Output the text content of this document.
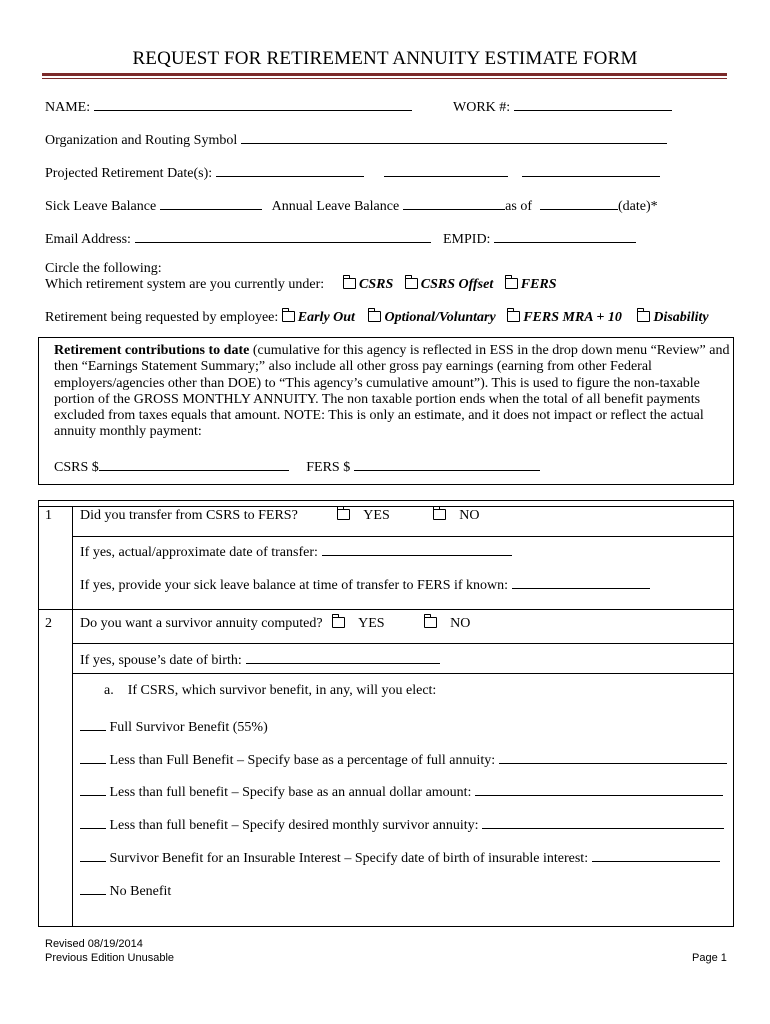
REQUEST FOR RETIREMENT ANNUITY ESTIMATE FORM
NAME:	WORK #:
Organization and Routing Symbol
Projected Retirement Date(s):
Sick Leave Balance	Annual Leave Balance	as of	(date)*
Email Address:	EMPID:
Circle the following:
Which retirement system are you currently under:	CSRS CSRS Offset FERS
Retirement being requested by employee: Early Out Optional/Voluntary FERS MRA + 10 Disability
Retirement contributions to date (cumulative for this agency is reflected in ESS in the drop down menu “Review” and then “Earnings Statement Summary;” also include all other gross pay earnings (earning from other Federal employers/agencies other than DOE) to “This agency’s cumulative amount”). This is used to figure the non-taxable portion of the GROSS MONTHLY ANNUITY. The non taxable portion ends when the total of all benefit payments excluded from taxes equals that amount. NOTE: This is only an estimate, and it does not impact or reflect the actual annuity monthly payment:
CSRS $	FERS $
1 Did you transfer from CSRS to FERS?	YES	NO
If yes, actual/approximate date of transfer:
If yes, provide your sick leave balance at time of transfer to FERS if known:
2 Do you want a survivor annuity computed?	YES	NO
If yes, spouse’s date of birth:
a. If CSRS, which survivor benefit, in any, will you elect:
Full Survivor Benefit (55%)
Less than Full Benefit – Specify base as a percentage of full annuity:
Less than full benefit – Specify base as an annual dollar amount:
Less than full benefit – Specify desired monthly survivor annuity:
Survivor Benefit for an Insurable Interest – Specify date of birth of insurable interest:
No Benefit
Revised 08/19/2014
Previous Edition Unusable	Page 1
